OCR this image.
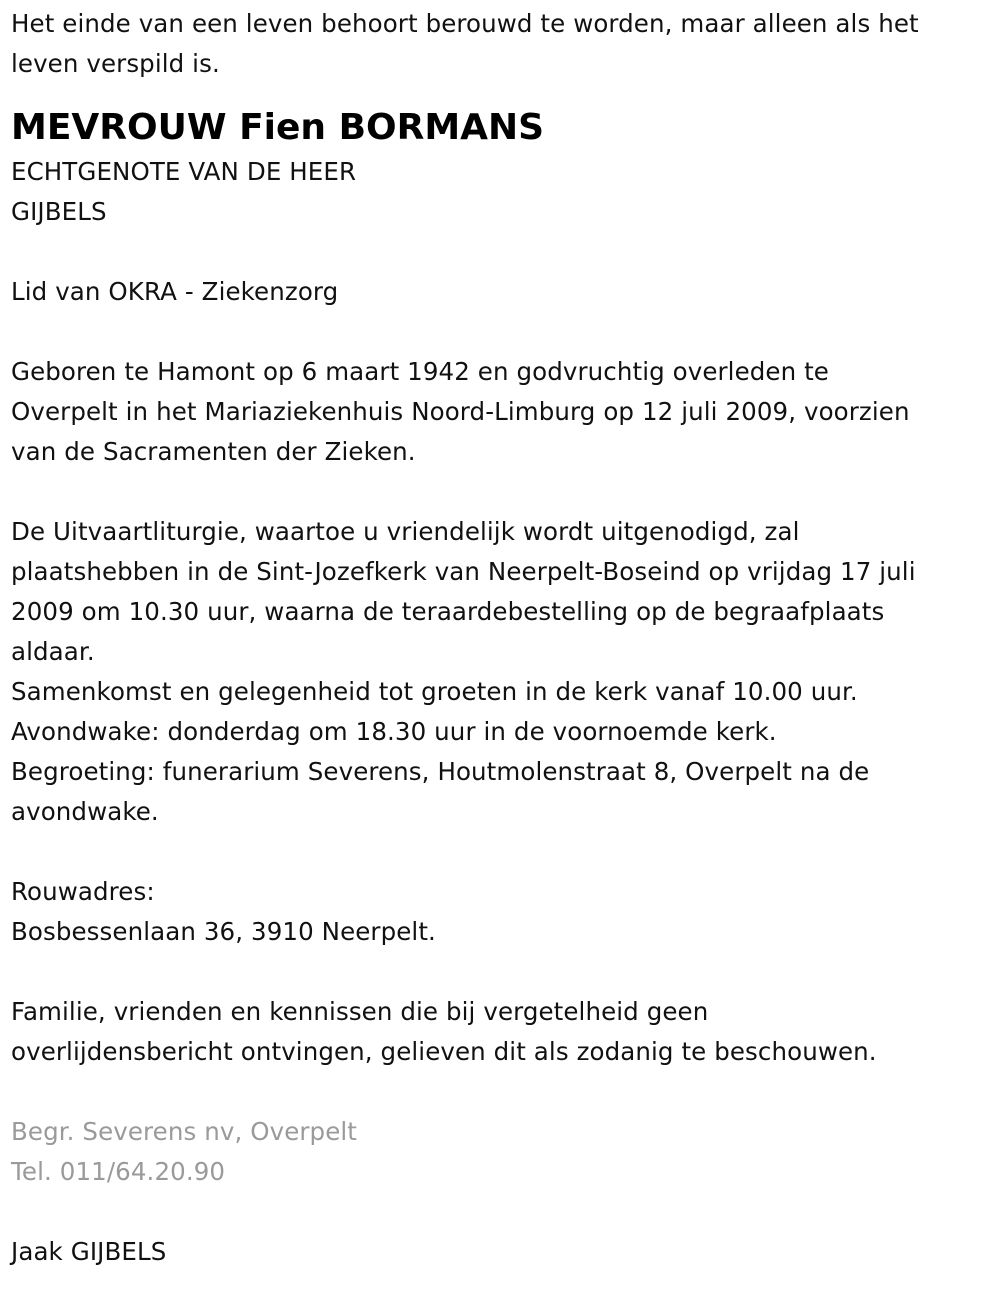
Het einde van een leven behoort berouwd te worden, maar alleen als het
leven verspild is.
MEVROUW Fien BORMANS
ECHTGENOTE VAN DE HEER
GIJBELS
Lid van OKRA - Ziekenzorg
Geboren te Hamont op 6 maart 1942 en godvruchtig overleden te
Overpelt in het Mariaziekenhuis Noord-Limburg op 12 juli 2009, voorzien
van de Sacramenten der Zieken.
De Uitvaartliturgie, waartoe u vriendelijk wordt uitgenodigd, zal
plaatshebben in de Sint-Jozefkerk van Neerpelt-Boseind op vrijdag 17 juli
2009 om 10.30 uur, waarna de teraardebestelling op de begraafplaats
aldaar.
Samenkomst en gelegenheid tot groeten in de kerk vanaf 10.00 uur.
Avondwake: donderdag om 18.30 uur in de voornoemde kerk.
Begroeting: funerarium Severens, Houtmolenstraat 8, Overpelt na de
avondwake.
Rouwadres:
Bosbessenlaan 36, 3910 Neerpelt.
Familie, vrienden en kennissen die bij vergetelheid geen
overlijdensbericht ontvingen, gelieven dit als zodanig te beschouwen.
Begr. Severens nv, Overpelt
Tel. 011/64.20.90
Jaak GIJBELS
